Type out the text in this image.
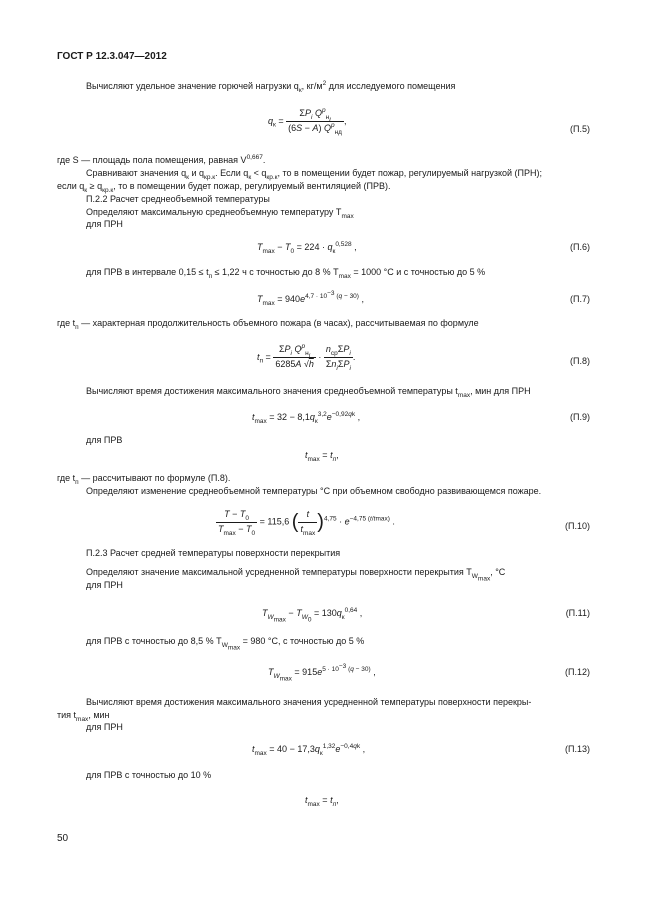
ГОСТ Р 12.3.047—2012
Вычисляют удельное значение горючей нагрузки $q_к$, $кг/м^2$ для исследуемого помещения
$q_к = \frac{\Sigma P_i Q^p_{н_i}}{(6S - A) Q^p_{нд}}$ ,
(П.5)
где S — площадь пола помещения, равная V$^{0,667}$.
Сравнивают значения $q_к$ и $q_{кр.к}$. Если $q_к < q_{кр.к}$, то в помещении будет пожар, регулируемый нагрузкой (ПРН);
если $q_к \ge q_{кр.к}$, то в помещении будет пожар, регулируемый вентиляцией (ПРВ).
П.2.2 Расчет среднеобъемной температуры
Определяют максимальную среднеобъемную температуру $T_{max}$
для ПРН
$T_{max} - T_0 = 224 \cdot q_к^{0,528}$ ,	(П.6)
для ПРВ в интервале $0,15 \le t_п \le 1,22$ ч с точностью до 8 % $T_{max} = 1000$ °С и с точностью до 5 %
$T_{max} = 940e^{4,7 \cdot 10^{-3} (q - 30)}$ ,	(П.7)
где $t_п$ — характерная продолжительность объемного пожара (в часах), рассчитываемая по формуле
$t_п = \frac{\Sigma P_i Q^p_{н_i}}{6285A √h} \cdot \frac{n_{ср}\Sigma P_i}{\Sigma n_i\Sigma P_i}$ .	(П.8)
Вычисляют время достижения максимального значения среднеобъемной температуры $t_{max}$, мин для ПРН
$t_{max} = 32 - 8,1q_к^{3,2}e^{-0,92qk}$ ,	(П.9)
для ПРВ
$t_{max} = t_п$,
где $t_п$ — рассчитывают по формуле (П.8).
Определяют изменение среднеобъемной температуры °С при объемном свободно развивающемся пожаре.
$\frac{T - T_0}{T_{max} - T_0} = 115,6$ ( $\frac{t}{t_{max}} )^{4,75} \cdot e^{-4,75 (t/tmax)}$ .	(П.10)
П.2.3 Расчет средней температуры поверхности перекрытия
Определяют значение максимальной усредненной температуры поверхности перекрытия $T_{W_{max}}$, °С
для ПРН
$T_{W_{max}} - T_{W_0} = 130q_к^{0,64}$ ,	(П.11)
для ПРВ с точностью до 8,5 % $T_{W_{max}} = 980$ °С, с точностью до 5 %
$T_{W_{max}} = 915e^{5 \cdot 10^{-3} (q - 30)}$ ,	(П.12)
Вычисляют время достижения максимального значения усредненной температуры поверхности перекры-
тия $t_{max}$, мин
для ПРН
$t_{max} = 40 - 17,3q_к^{1,32}e^{-0,4qk}$ ,	(П.13)
для ПРВ с точностью до 10 %
$t_{max} = t_п$,
50
